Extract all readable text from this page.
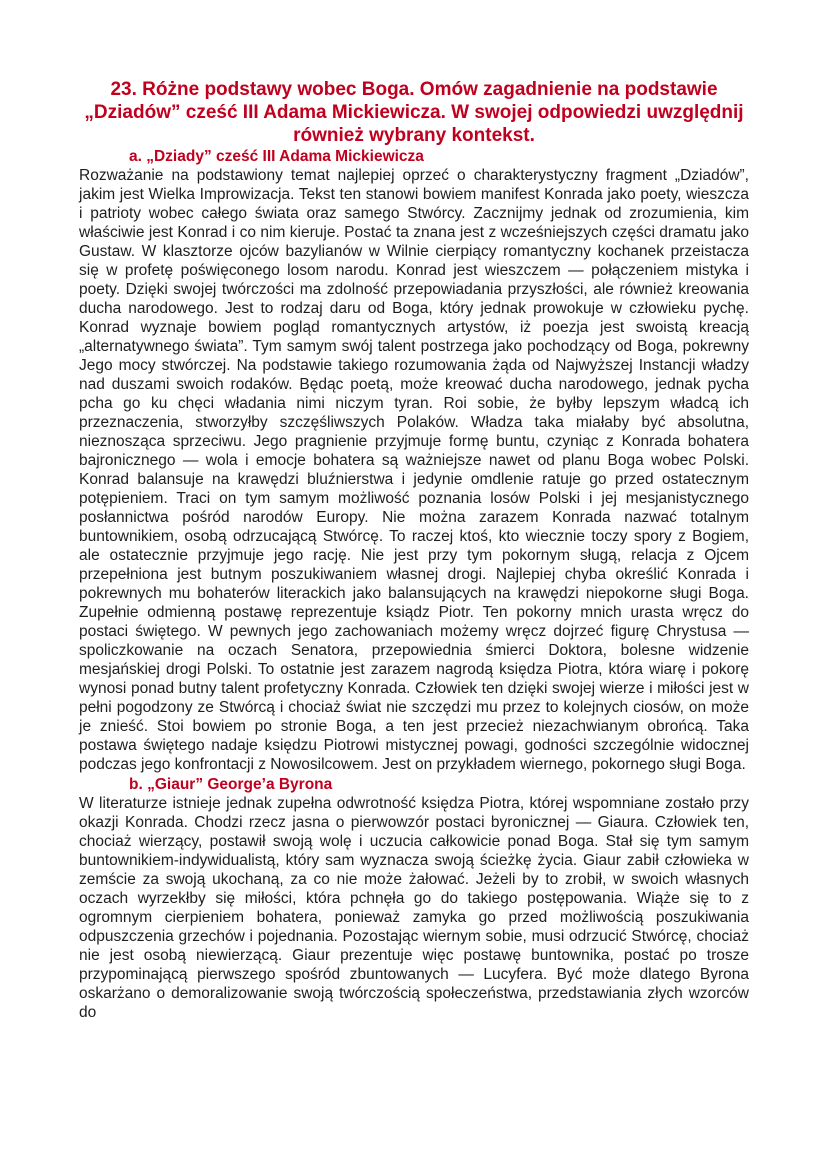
23. Różne podstawy wobec Boga. Omów zagadnienie na podstawie „Dziadów” cześć III Adama Mickiewicza. W swojej odpowiedzi uwzględnij również wybrany kontekst.
a. „Dziady” cześć III Adama Mickiewicza

Rozważanie na podstawiony temat najlepiej oprzeć o charakterystyczny fragment „Dziadów”, jakim jest Wielka Improwizacja. Tekst ten stanowi bowiem manifest Konrada jako poety, wieszcza i patrioty wobec całego świata oraz samego Stwórcy. Zacznijmy jednak od zrozumienia, kim właściwie jest Konrad i co nim kieruje. Postać ta znana jest z wcześniejszych części dramatu jako Gustaw. W klasztorze ojców bazylianów w Wilnie cierpiący romantyczny kochanek przeistacza się w profetę poświęconego losom narodu. Konrad jest wieszczem — połączeniem mistyka i poety. Dzięki swojej twórczości ma zdolność przepowiadania przyszłości, ale również kreowania ducha narodowego. Jest to rodzaj daru od Boga, który jednak prowokuje w człowieku pychę. Konrad wyznaje bowiem pogląd romantycznych artystów, iż poezja jest swoistą kreacją „alternatywnego świata”. Tym samym swój talent postrzega jako pochodzący od Boga, pokrewny Jego mocy stwórczej. Na podstawie takiego rozumowania żąda od Najwyższej Instancji władzy nad duszami swoich rodaków. Będąc poetą, może kreować ducha narodowego, jednak pycha pcha go ku chęci władania nimi niczym tyran. Roi sobie, że byłby lepszym władcą ich przeznaczenia, stworzyłby szczęśliwszych Polaków. Władza taka miałaby być absolutna, nieznosząca sprzeciwu. Jego pragnienie przyjmuje formę buntu, czyniąc z Konrada bohatera bajronicznego — wola i emocje bohatera są ważniejsze nawet od planu Boga wobec Polski. Konrad balansuje na krawędzi bluźnierstwa i jedynie omdlenie ratuje go przed ostatecznym potępieniem. Traci on tym samym możliwość poznania losów Polski i jej mesjanistycznego posłannictwa pośród narodów Europy. Nie można zarazem Konrada nazwać totalnym buntownikiem, osobą odrzucającą Stwórcę. To raczej ktoś, kto wiecznie toczy spory z Bogiem, ale ostatecznie przyjmuje jego rację. Nie jest przy tym pokornym sługą, relacja z Ojcem przepełniona jest butnym poszukiwaniem własnej drogi. Najlepiej chyba określić Konrada i pokrewnych mu bohaterów literackich jako balansujących na krawędzi niepokorne sługi Boga. Zupełnie odmienną postawę reprezentuje ksiądz Piotr. Ten pokorny mnich urasta wręcz do postaci świętego. W pewnych jego zachowaniach możemy wręcz dojrzeć figurę Chrystusa — spoliczkowanie na oczach Senatora, przepowiednia śmierci Doktora, bolesne widzenie mesjańskiej drogi Polski. To ostatnie jest zarazem nagrodą księdza Piotra, która wiarę i pokorę wynosi ponad butny talent profetyczny Konrada. Człowiek ten dzięki swojej wierze i miłości jest w pełni pogodzony ze Stwórcą i chociaż świat nie szczędzi mu przez to kolejnych ciosów, on może je znieść. Stoi bowiem po stronie Boga, a ten jest przecież niezachwianym obrońcą. Taka postawa świętego nadaje księdzu Piotrowi mistycznej powagi, godności szczególnie widocznej podczas jego konfrontacji z Nowosilcowem. Jest on przykładem wiernego, pokornego sługi Boga.

b. „Giaur” George’a Byrona

W literaturze istnieje jednak zupełna odwrotność księdza Piotra, której wspomniane zostało przy okazji Konrada. Chodzi rzecz jasna o pierwowzór postaci byronicznej — Giaura. Człowiek ten, chociaż wierzący, postawił swoją wolę i uczucia całkowicie ponad Boga. Stał się tym samym buntownikiem-indywidualistą, który sam wyznacza swoją ścieżkę życia. Giaur zabił człowieka w zemście za swoją ukochaną, za co nie może żałować. Jeżeli by to zrobił, w swoich własnych oczach wyrzekłby się miłości, która pchnęła go do takiego postępowania. Wiąże się to z ogromnym cierpieniem bohatera, ponieważ zamyka go przed możliwością poszukiwania odpuszczenia grzechów i pojednania. Pozostając wiernym sobie, musi odrzucić Stwórcę, chociaż nie jest osobą niewierzącą. Giaur prezentuje więc postawę buntownika, postać po trosze przypominającą pierwszego spośród zbuntowanych — Lucyfera. Być może dlatego Byrona oskarżano o demoralizowanie swoją twórczością społeczeństwa, przedstawiania złych wzorców do
